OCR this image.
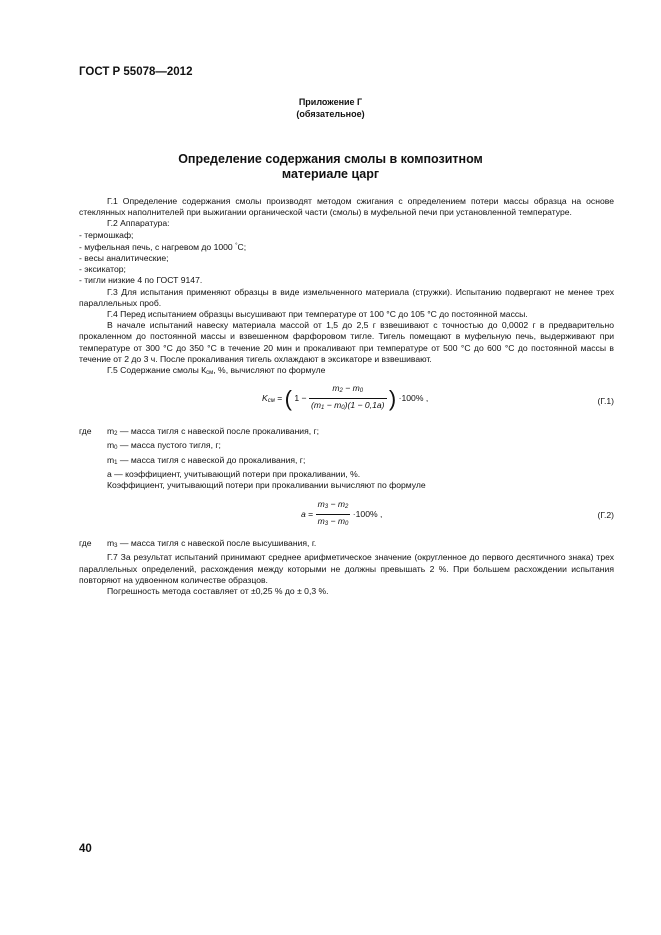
ГОСТ Р 55078—2012
Приложение Г
(обязательное)
Определение содержания смолы в композитном
материале царг

Г.1 Определение содержания смолы производят методом сжигания с определением потери массы образца на основе стеклянных наполнителей при выжигании органической части (смолы) в муфельной печи при установленной температуре.

Г.2 Аппаратура:

- термошкаф;

- муфельная печь, с нагревом до 1000 °С;

- весы аналитические;

- эксикатор;

- тигли низкие 4 по ГОСТ 9147.

Г.3 Для испытания применяют образцы в виде измельченного материала (стружки). Испытанию подвергают не менее трех параллельных проб.

Г.4 Перед испытанием образцы высушивают при температуре от 100 °С до 105 °С до постоянной массы.

В начале испытаний навеску материала массой от 1,5 до 2,5 г взвешивают с точностью до 0,0002 г в предварительно прокаленном до постоянной массы и взвешенном фарфоровом тигле. Тигель помещают в муфельную печь, выдерживают при температуре от 300 °С до 350 °С в течение 20 мин и прокаливают при температуре от 500 °С до 600 °С до постоянной массы в течение от 2 до 3 ч. После прокаливания тигель охлаждают в эксикаторе и взвешивают.

Г.5 Содержание смолы $К_{см}$, %, вычисляют по формуле

$K_{см}$ = ( $1 - \frac{m_2 - m_0}{(m_1 - m_0)(1 - 0,1a)}$ ) ·100% ,	(Г.1)
где $m_2$ — масса тигля с навеской после прокаливания, г;

$m_0$ — масса пустого тигля, г;

$m_1$ — масса тигля с навеской до прокаливания, г;

а — коэффициент, учитывающий потери при прокаливании, %.

Коэффициент, учитывающий потери при прокаливании вычисляют по формуле

$a = \frac{m_3 - m_2}{m_3 - m_0} \cdot 100\%$ ,	(Г.2)
где $m_3$ — масса тигля с навеской после высушивания, г.

Г.7 За результат испытаний принимают среднее арифметическое значение (округленное до первого десятичного знака) трех параллельных определений, расхождения между которыми не должны превышать 2 %. При большем расхождении испытания повторяют на удвоенном количестве образцов.

Погрешность метода составляет от ±0,25 % до ± 0,3 %.

40
